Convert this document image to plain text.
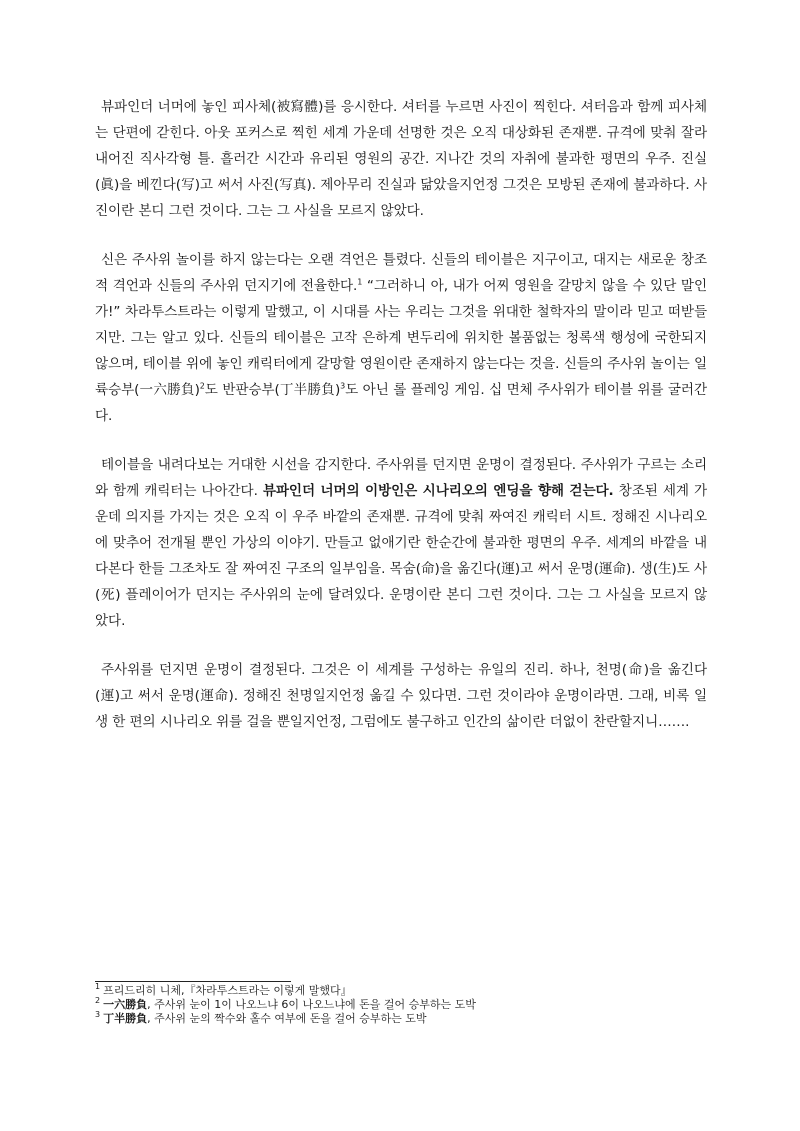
뷰파인더 너머에 놓인 피사체(被寫體)를 응시한다. 셔터를 누르면 사진이 찍힌다. 셔터음과 함께 피사체는 단편에 갇힌다. 아웃 포커스로 찍힌 세계 가운데 선명한 것은 오직 대상화된 존재뿐. 규격에 맞춰 잘라내어진 직사각형 틀. 흘러간 시간과 유리된 영원의 공간. 지나간 것의 자취에 불과한 평면의 우주. 진실(眞)을 베낀다(写)고 써서 사진(写真). 제아무리 진실과 닮았을지언정 그것은 모방된 존재에 불과하다. 사진이란 본디 그런 것이다. 그는 그 사실을 모르지 않았다.

신은 주사위 놀이를 하지 않는다는 오랜 격언은 틀렸다. 신들의 테이블은 지구이고, 대지는 새로운 창조적 격언과 신들의 주사위 던지기에 전율한다.$^1$ “그러하니 아, 내가 어찌 영원을 갈망치 않을 수 있단 말인가!” 차라투스트라는 이렇게 말했고, 이 시대를 사는 우리는 그것을 위대한 철학자의 말이라 믿고 떠받들지만. 그는 알고 있다. 신들의 테이블은 고작 은하계 변두리에 위치한 볼품없는 청록색 행성에 국한되지 않으며, 테이블 위에 놓인 캐릭터에게 갈망할 영원이란 존재하지 않는다는 것을. 신들의 주사위 놀이는 일륙승부(一六勝負)$^2$도 반판승부(丁半勝負)$^3$도 아닌 롤 플레잉 게임. 십 면체 주사위가 테이블 위를 굴러간다.

테이블을 내려다보는 거대한 시선을 감지한다. 주사위를 던지면 운명이 결정된다. 주사위가 구르는 소리와 함께 캐릭터는 나아간다. 뷰파인더 너머의 이방인은 시나리오의 엔딩을 향해 걷는다. 창조된 세계 가운데 의지를 가지는 것은 오직 이 우주 바깥의 존재뿐. 규격에 맞춰 짜여진 캐릭터 시트. 정해진 시나리오에 맞추어 전개될 뿐인 가상의 이야기. 만들고 없애기란 한순간에 불과한 평면의 우주. 세계의 바깥을 내다본다 한들 그조차도 잘 짜여진 구조의 일부임을. 목숨(命)을 옮긴다(運)고 써서 운명(運命). 생(生)도 사(死) 플레이어가 던지는 주사위의 눈에 달려있다. 운명이란 본디 그런 것이다. 그는 그 사실을 모르지 않았다.

주사위를 던지면 운명이 결정된다. 그것은 이 세계를 구성하는 유일의 진리. 하나, 천명(命)을 옮긴다(運)고 써서 운명(運命). 정해진 천명일지언정 옮길 수 있다면. 그런 것이라야 운명이라면. 그래, 비록 일생 한 편의 시나리오 위를 걸을 뿐일지언정, 그럼에도 불구하고 인간의 삶이란 더없이 찬란할지니…….

$^1$ 프리드리히 니체,『차라투스트라는 이렇게 말했다』

$^2$ 一六勝負, 주사위 눈이 1이 나오느냐 6이 나오느냐에 돈을 걸어 승부하는 도박

$^3$ 丁半勝負, 주사위 눈의 짝수와 홀수 여부에 돈을 걸어 승부하는 도박
